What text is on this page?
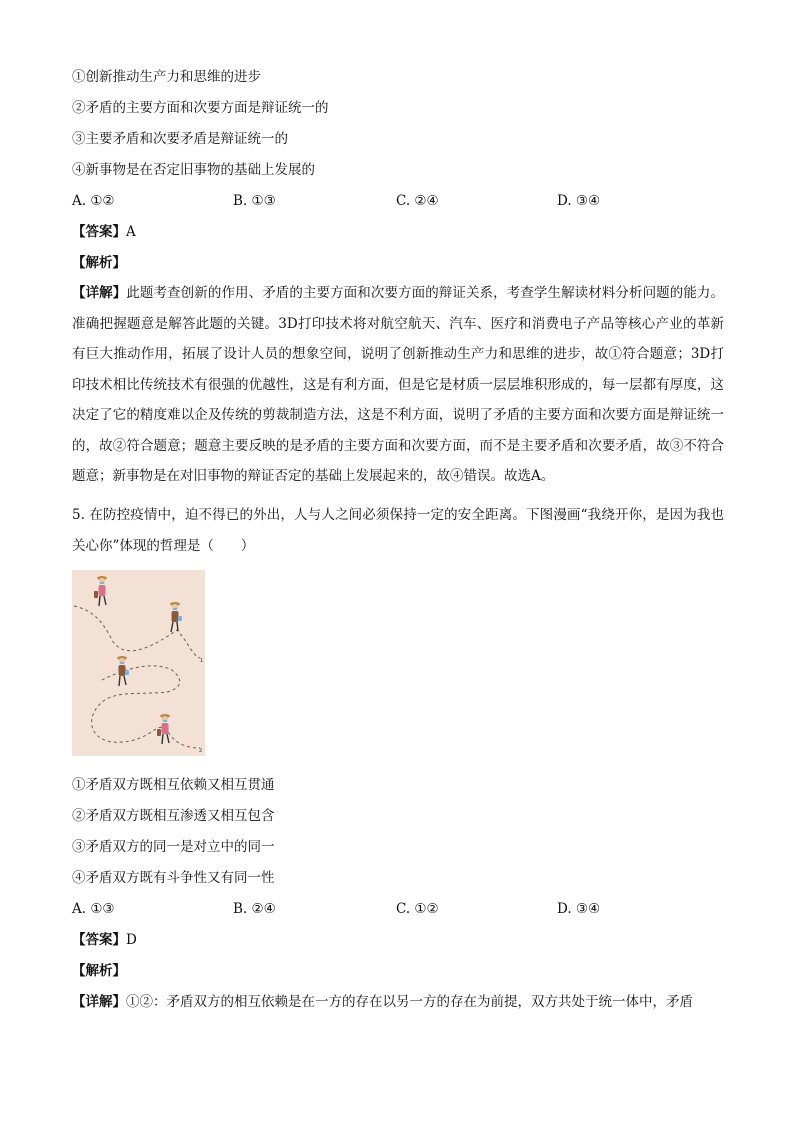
①创新推动生产力和思维的进步
②矛盾的主要方面和次要方面是辩证统一的
③主要矛盾和次要矛盾是辩证统一的
④新事物是在否定旧事物的基础上发展的
A. ①②	B. ①③	C. ②④	D. ③④
【答案】A
【解析】
【详解】此题考查创新的作用、矛盾的主要方面和次要方面的辩证关系，考查学生解读材料分析问题的能力。准确把握题意是解答此题的关键。3D打印技术将对航空航天、汽车、医疗和消费电子产品等核心产业的革新有巨大推动作用，拓展了设计人员的想象空间，说明了创新推动生产力和思维的进步，故①符合题意；3D打印技术相比传统技术有很强的优越性，这是有利方面，但是它是材质一层层堆积形成的，每一层都有厚度，这决定了它的精度难以企及传统的剪裁制造方法，这是不利方面，说明了矛盾的主要方面和次要方面是辩证统一的，故②符合题意；题意主要反映的是矛盾的主要方面和次要方面，而不是主要矛盾和次要矛盾，故③不符合题意；新事物是在对旧事物的辩证否定的基础上发展起来的，故④错误。故选A。
5. 在防控疫情中，迫不得已的外出，人与人之间必须保持一定的安全距离。下图漫画“我绕开你，是因为我也关心你”体现的哲理是（　　）
1
2
①矛盾双方既相互依赖又相互贯通
②矛盾双方既相互渗透又相互包含
③矛盾双方的同一是对立中的同一
④矛盾双方既有斗争性又有同一性
A. ①③	B. ②④	C. ①②	D. ③④
【答案】D
【解析】
【详解】①②：矛盾双方的相互依赖是在一方的存在以另一方的存在为前提，双方共处于统一体中，矛盾
